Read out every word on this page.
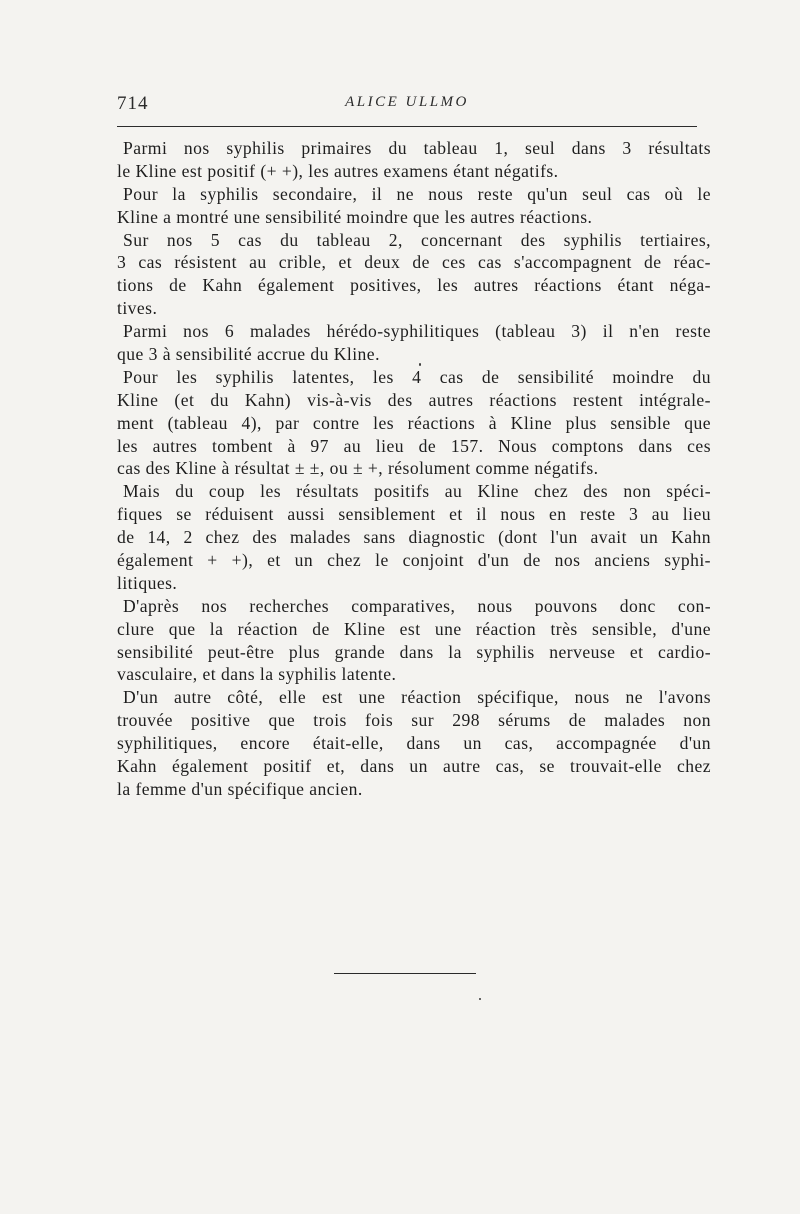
714	ALICE ULLMO
Parmi nos syphilis primaires du tableau 1, seul dans 3 résultats
le Kline est positif (+ +), les autres examens étant négatifs.
Pour la syphilis secondaire, il ne nous reste qu'un seul cas où le
Kline a montré une sensibilité moindre que les autres réactions.
Sur nos 5 cas du tableau 2, concernant des syphilis tertiaires,
3 cas résistent au crible, et deux de ces cas s'accompagnent de réac-
tions de Kahn également positives, les autres réactions étant néga-
tives.
Parmi nos 6 malades hérédo-syphilitiques (tableau 3) il n'en reste
que 3 à sensibilité accrue du Kline.
Pour les syphilis latentes, les 4 cas de sensibilité moindre du
Kline (et du Kahn) vis-à-vis des autres réactions restent intégrale-
ment (tableau 4), par contre les réactions à Kline plus sensible que
les autres tombent à 97 au lieu de 157. Nous comptons dans ces
cas des Kline à résultat ± ±, ou ± +, résolument comme négatifs.
Mais du coup les résultats positifs au Kline chez des non spéci-
fiques se réduisent aussi sensiblement et il nous en reste 3 au lieu
de 14, 2 chez des malades sans diagnostic (dont l'un avait un Kahn
également + +), et un chez le conjoint d'un de nos anciens syphi-
litiques.
D'après nos recherches comparatives, nous pouvons donc con-
clure que la réaction de Kline est une réaction très sensible, d'une
sensibilité peut-être plus grande dans la syphilis nerveuse et cardio-
vasculaire, et dans la syphilis latente.
D'un autre côté, elle est une réaction spécifique, nous ne l'avons
trouvée positive que trois fois sur 298 sérums de malades non
syphilitiques, encore était-elle, dans un cas, accompagnée d'un
Kahn également positif et, dans un autre cas, se trouvait-elle chez
la femme d'un spécifique ancien.
